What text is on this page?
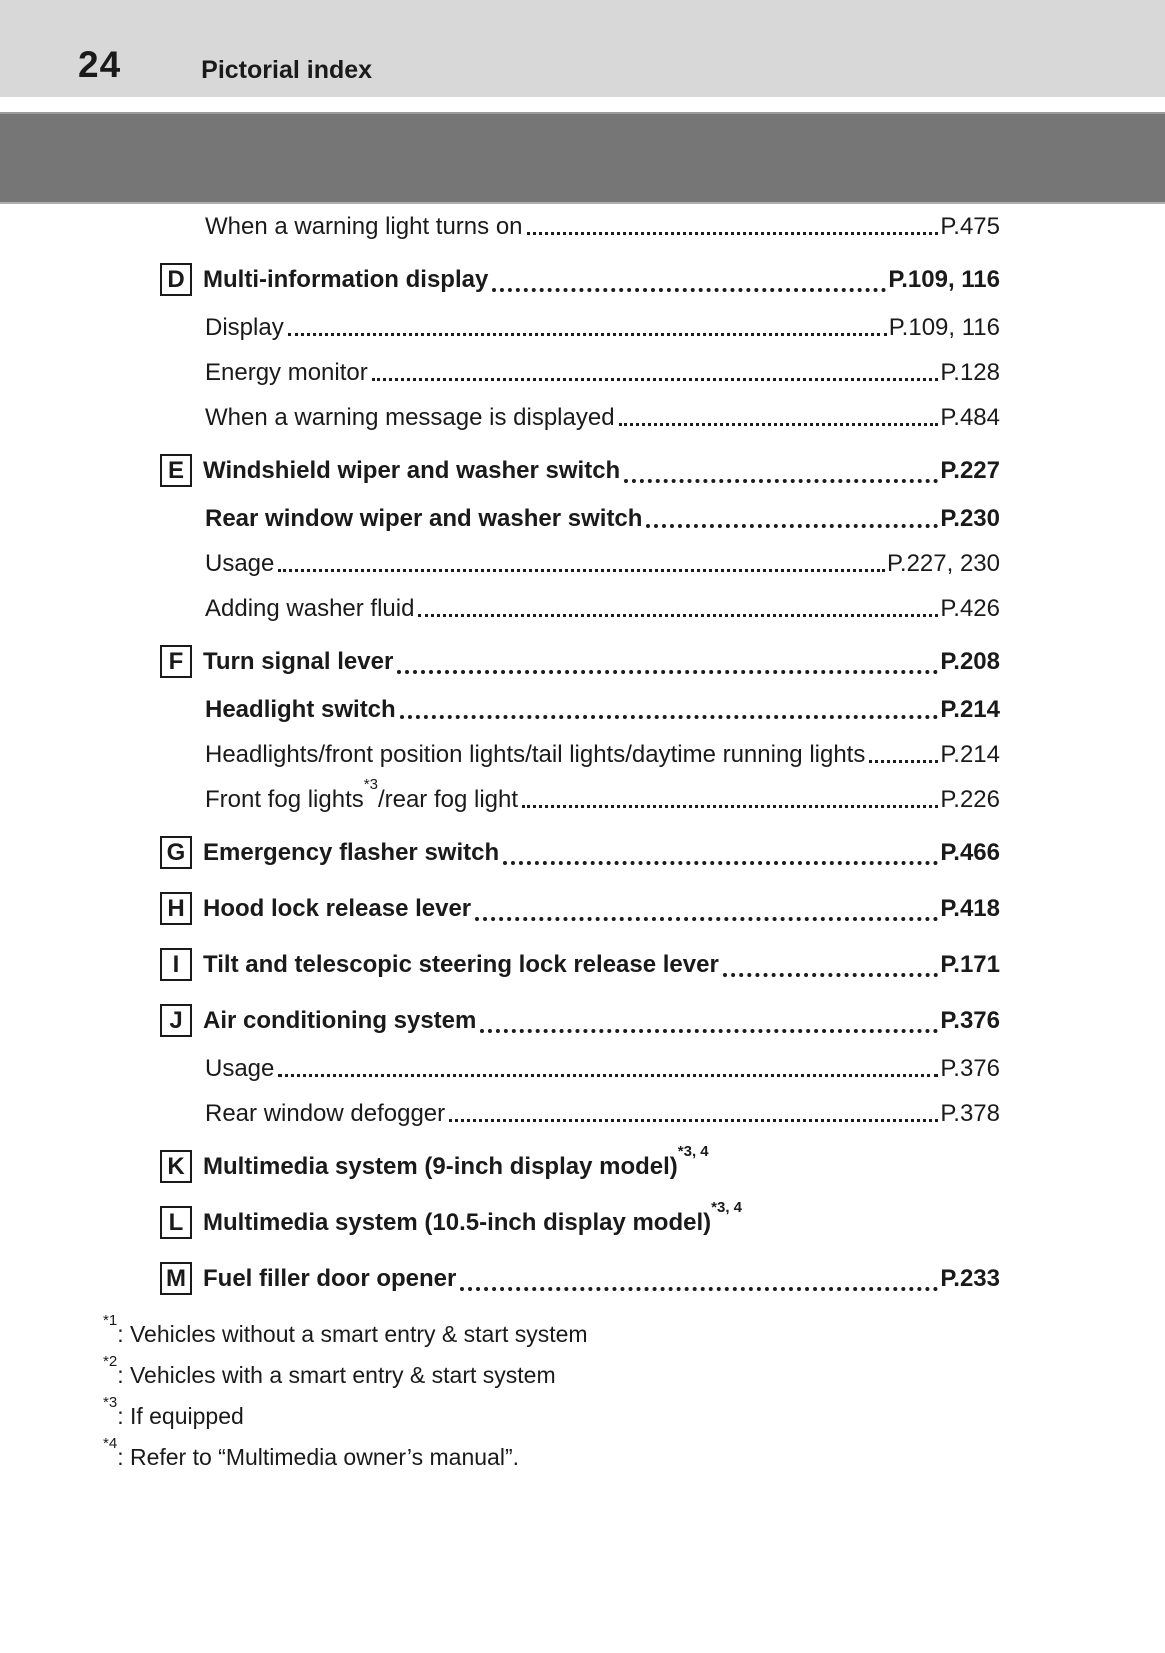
24	Pictorial index
When a warning light turns on	P.475
D Multi-information display	P.109, 116
Display	P.109, 116
Energy monitor	P.128
When a warning message is displayed	P.484
E Windshield wiper and washer switch	P.227
Rear window wiper and washer switch	P.230
Usage	P.227, 230
Adding washer fluid	P.426
F Turn signal lever	P.208
Headlight switch	P.214
Headlights/front position lights/tail lights/daytime running lights	P.214
Front fog lights$^{*3}$/rear fog light	P.226
G Emergency flasher switch	P.466
H Hood lock release lever	P.418
I Tilt and telescopic steering lock release lever	P.171
J Air conditioning system	P.376
Usage	P.376
Rear window defogger	P.378
K Multimedia system (9-inch display model)$^{*3, 4}$
L Multimedia system (10.5-inch display model)$^{*3, 4}$
M Fuel filler door opener	P.233
$^{*1}$: Vehicles without a smart entry & start system
$^{*2}$: Vehicles with a smart entry & start system
$^{*3}$: If equipped
$^{*4}$: Refer to “Multimedia owner’s manual”.
